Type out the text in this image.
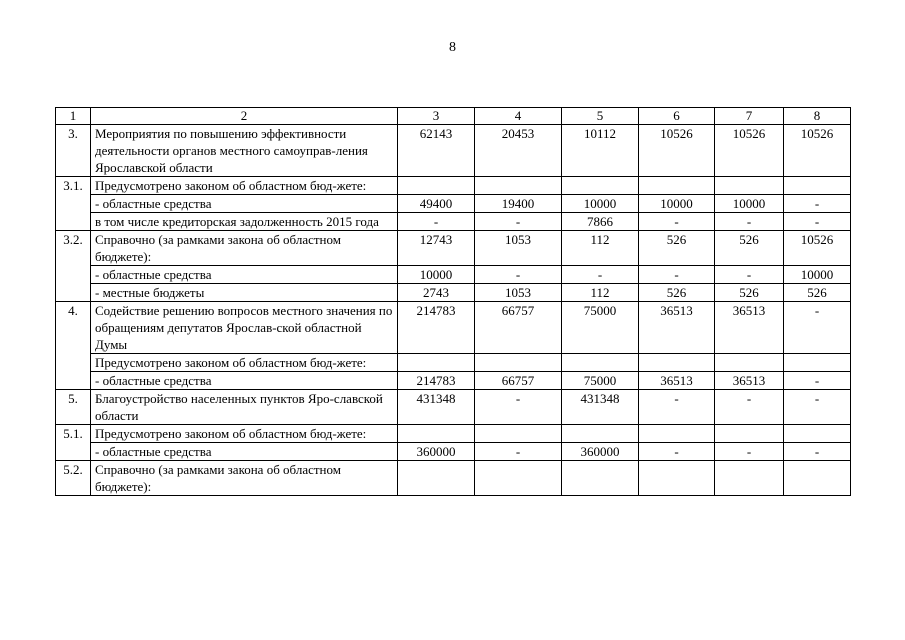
8
1	2	3	4	5	6	7	8
3.	Мероприятия по повышению эффективности деятельности органов местного самоуправ-ления Ярославской области	62143	20453	10112	10526	10526	10526
3.1.	Предусмотрено законом об областном бюд-жете:						
	- областные средства	49400	19400	10000	10000	10000	-
	в том числе кредиторская задолженность 2015 года	-	-	7866	-	-	-
3.2.	Справочно (за рамками закона об областном бюджете):	12743	1053	112	526	526	10526
	- областные средства	10000	-	-	-	-	10000
	- местные бюджеты	2743	1053	112	526	526	526
4.	Содействие решению вопросов местного значения по обращениям депутатов Ярослав-ской областной Думы	214783	66757	75000	36513	36513	-
	Предусмотрено законом об областном бюд-жете:						
	- областные средства	214783	66757	75000	36513	36513	-
5.	Благоустройство населенных пунктов Яро-славской области	431348	-	431348	-	-	-
5.1.	Предусмотрено законом об областном бюд-жете:						
	- областные средства	360000	-	360000	-	-	-
5.2.	Справочно (за рамками закона об областном бюджете):						
